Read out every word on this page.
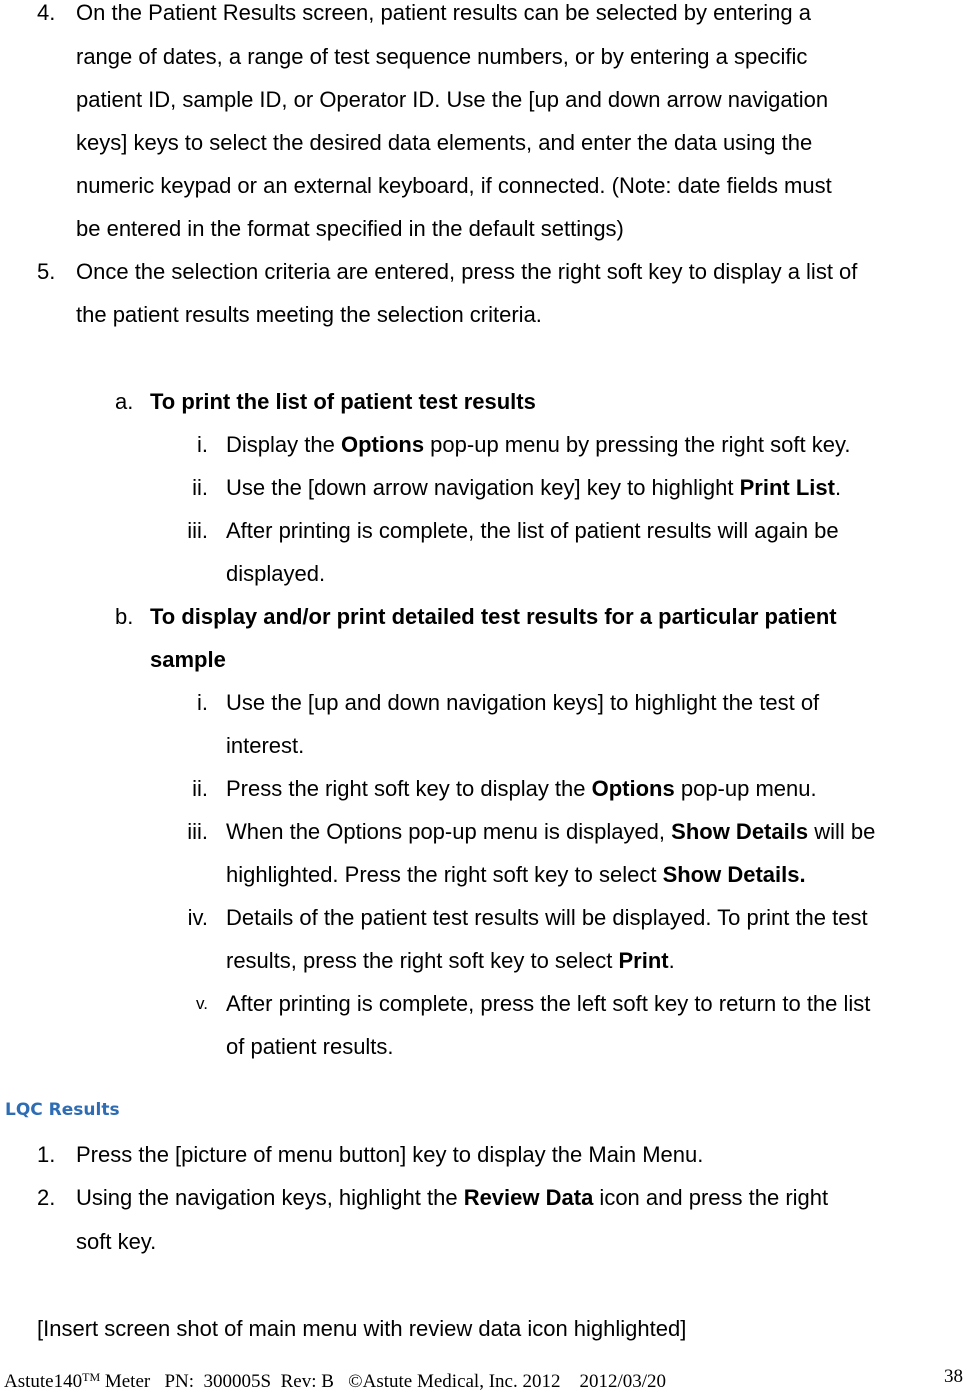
4. On the Patient Results screen, patient results can be selected by entering a
range of dates, a range of test sequence numbers, or by entering a specific
patient ID, sample ID, or Operator ID. Use the [up and down arrow navigation
keys] keys to select the desired data elements, and enter the data using the
numeric keypad or an external keyboard, if connected. (Note: date fields must
be entered in the format specified in the default settings)
5. Once the selection criteria are entered, press the right soft key to display a list of
the patient results meeting the selection criteria.
a. To print the list of patient test results
i. Display the Options pop-up menu by pressing the right soft key.
ii. Use the [down arrow navigation key] key to highlight Print List.
iii. After printing is complete, the list of patient results will again be
displayed.
b. To display and/or print detailed test results for a particular patient
sample
i. Use the [up and down navigation keys] to highlight the test of
interest.
ii. Press the right soft key to display the Options pop-up menu.
iii. When the Options pop-up menu is displayed, Show Details will be
highlighted. Press the right soft key to select Show Details.
iv. Details of the patient test results will be displayed. To print the test
results, press the right soft key to select Print.
v. After printing is complete, press the left soft key to return to the list
of patient results.
LQC Results
1. Press the [picture of menu button] key to display the Main Menu.
2. Using the navigation keys, highlight the Review Data icon and press the right
soft key.
[Insert screen shot of main menu with review data icon highlighted]
Astute140™ Meter   PN:  300005S  Rev: B   ©Astute Medical, Inc. 2012    2012/03/20	38
